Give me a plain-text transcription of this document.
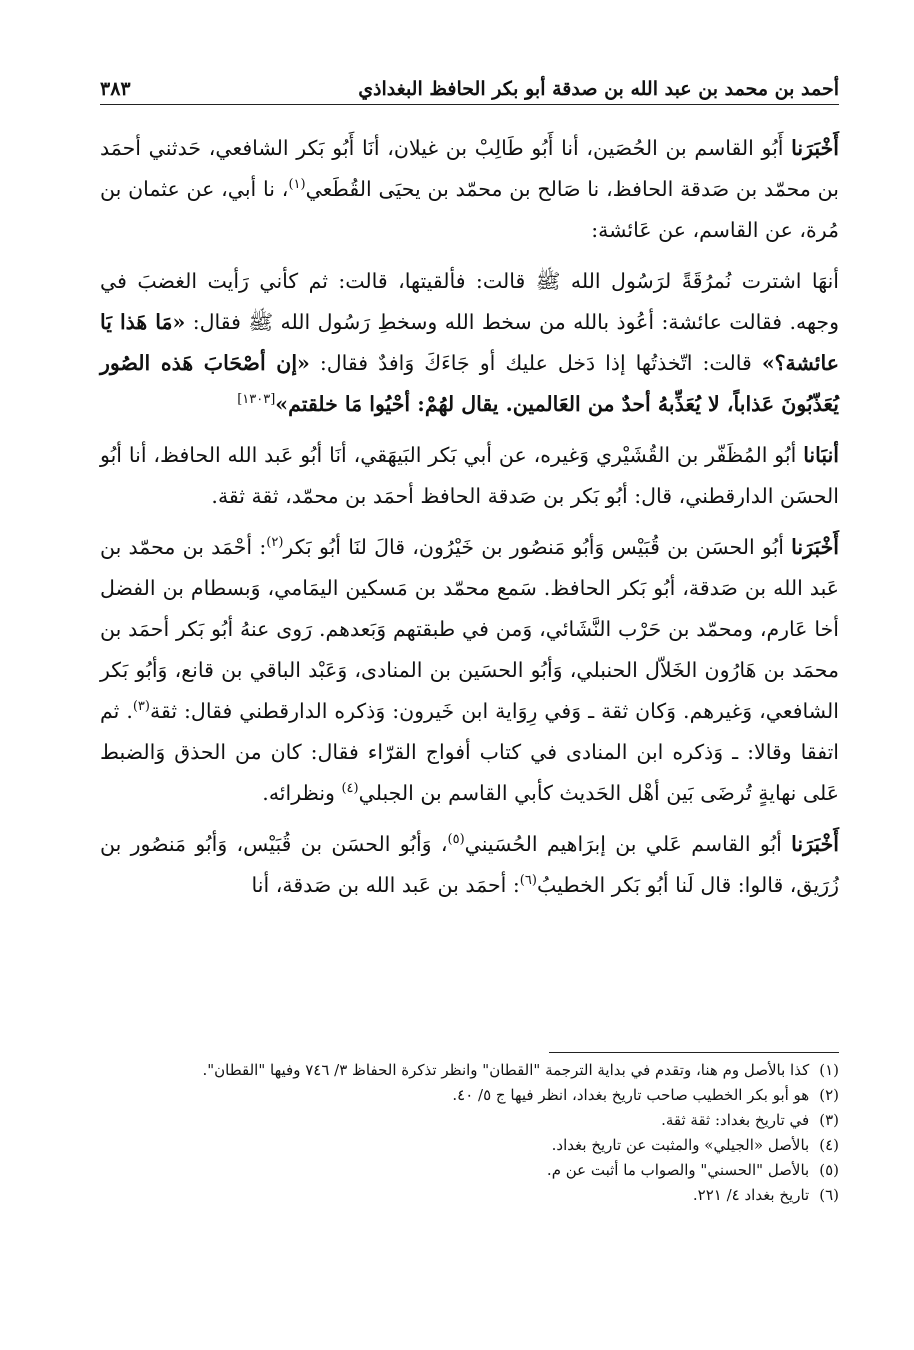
أحمد بن محمد بن عبد الله بن صدقة أبو بكر الحافظ البغداذي
٣٨٣

أَخْبَرَنا أَبُو القاسم بن الحُصَين، أنا أَبُو طَالِبْ بن غيلان، أنَا أَبُو بَكر الشافعي، حَدثني أحمَد بن محمّد بن صَدقة الحافظ، نا صَالح بن محمّد بن يحيَى القُطَعي$^{(١)}$، نا أبي، عن عثمان بن مُرة، عن القاسم، عن عَائشة:

أنهَا اشترت نُمرُقَةً لرَسُول الله ﷺ قالت: فألقيتها، قالت: ثم كأني رَأيت الغضبَ في وجهه. فقالت عائشة: أعُوذ بالله من سخط الله وسخطِ رَسُول الله ﷺ فقال: «مَا هَذا يَا عائشة؟» قالت: اتّخذتُها إذا دَخل عليك أو جَاءَكَ وَافدٌ فقال: «إن أصْحَابَ هَذه الصُور يُعَذّبُونَ عَذاباً، لا يُعَذِّبهُ أحدٌ من العَالمين. يقال لهُمْ: أحْيُوا مَا خلقتم»[١٣٠٣]

أنبَانا أبُو المُظَفّر بن القُشَيْري وَغيره، عن أبي بَكر البَيهَقي، أنَا أبُو عَبد الله الحافظ، أنا أبُو الحسَن الدارقطني، قال: أبُو بَكر بن صَدقة الحافظ أحمَد بن محمّد، ثقة ثقة.

أَخْبَرَنا أبُو الحسَن بن قُبَيْس وَأبُو مَنصُور بن خَيْرُون، قالَ لنَا أبُو بَكر$^{(٢)}$: أحْمَد بن محمّد بن عَبد الله بن صَدقة، أبُو بَكر الحافظ. سَمع محمّد بن مَسكين اليمَامي، وَبسطام بن الفضل أخا عَارم، ومحمّد بن حَرْب النَّشَائي، وَمن في طبقتهم وَبَعدهم. رَوى عنهُ أبُو بَكر أحمَد بن محمَد بن هَارُون الخَلاّل الحنبلي، وَأبُو الحسَين بن المنادى، وَعَبْد الباقي بن قانع، وَأبُو بَكر الشافعي، وَغيرهم. وَكان ثقة ـ وَفي رِوَاية ابن خَيرون: وَذكره الدارقطني فقال: ثقة$^{(٣)}$. ثم اتفقا وقالا: ـ وَذكره ابن المنادى في كتاب أفواج القرّاء فقال: كان من الحذق وَالضبط عَلى نهايةٍ تُرضَى بَين أهْل الحَديث كأبي القاسم بن الجبلي$^{(٤)}$ ونظرائه.

أَخْبَرَنا أبُو القاسم عَلي بن إبرَاهيم الحُسَيني$^{(٥)}$، وَأبُو الحسَن بن قُبَيْس، وَأبُو مَنصُور بن زُرَيق، قالوا: قال لَنا أبُو بَكر الخطيبُ$^{(٦)}$: أحمَد بن عَبد الله بن صَدقة، أنا

(١)
كذا بالأصل وم هنا، وتقدم في بداية الترجمة "القطان" وانظر تذكرة الحفاظ ٣/ ٧٤٦ وفيها "القطان".
(٢)
هو أبو بكر الخطيب صاحب تاريخ بغداد، انظر فيها ج ٥/ ٤٠.
(٣)
في تاريخ بغداد: ثقة ثقة.
(٤)
بالأصل «الجيلي» والمثبت عن تاريخ بغداد.
(٥)
بالأصل "الحسني" والصواب ما أثبت عن م.
(٦)
تاريخ بغداد ٤/ ٢٢١.
